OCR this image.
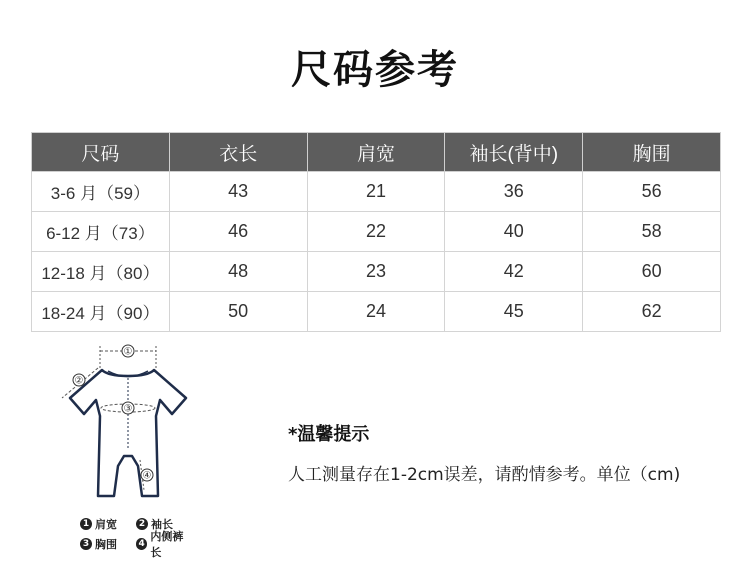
尺码参考
尺码	衣长	肩宽	袖长(背中)	胸围
3-6 月（59）	43	21	36	56
6-12 月（73）	46	22	40	58
12-18 月（80）	48	23	42	60
18-24 月（90）	50	24	45	62
①
②
③
④
1 肩宽	2 袖长
3 胸围 4
内侧裤长
*温馨提示
人工测量存在1-2cm误差，请酌情参考。单位（cm)
